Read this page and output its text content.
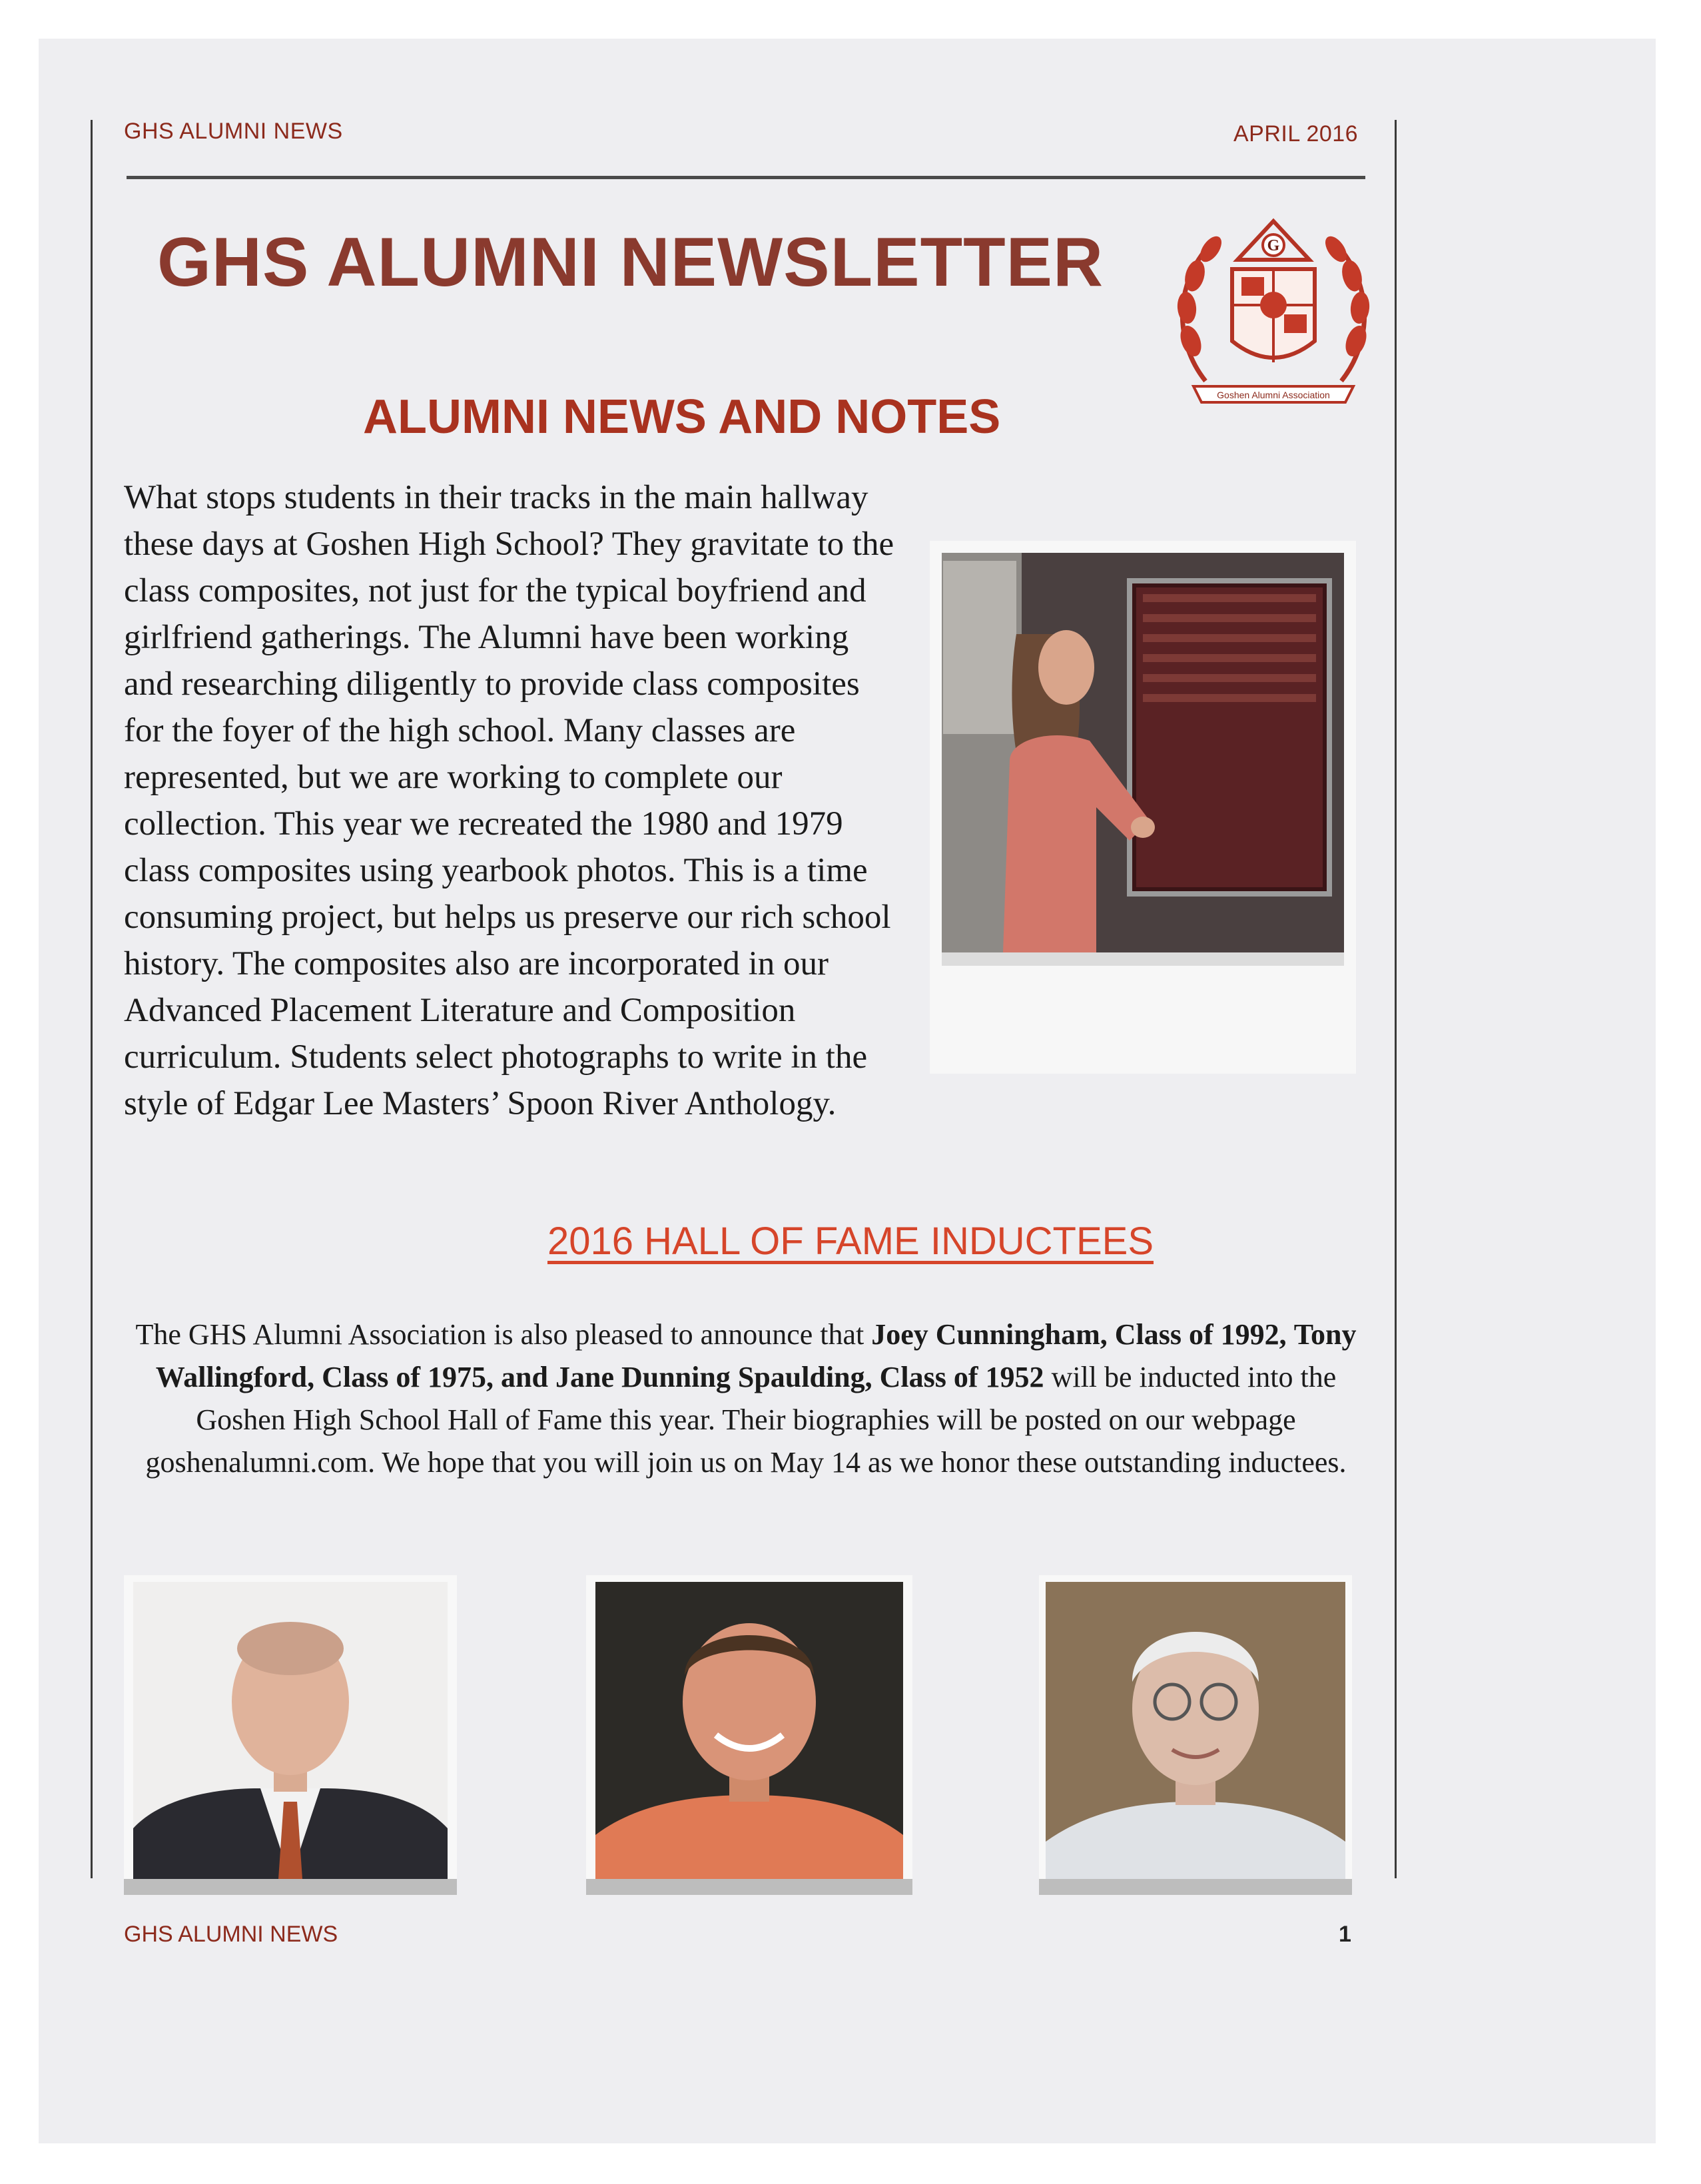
GHS ALUMNI NEWS	APRIL 2016
GHS ALUMNI NEWSLETTER	G
Goshen Alumni Association
ALUMNI NEWS AND NOTES
What stops students in their tracks in the main hallway these days at Goshen High School? They gravitate to the class composites, not just for the typical boyfriend and girlfriend gatherings. The Alumni have been working and researching diligently to provide class composites for the foyer of the high school. Many classes are represented, but we are working to complete our collection. This year we recreated the 1980 and 1979 class composites using yearbook photos. This is a time consuming project, but helps us preserve our rich school history. The composites also are incorporated in our Advanced Placement Literature and Composition curriculum. Students select photographs to write in the style of Edgar Lee Masters’ Spoon River Anthology.
2016 HALL OF FAME INDUCTEES

The GHS Alumni Association is also pleased to announce that Joey Cunningham, Class of 1992, Tony Wallingford, Class of 1975, and Jane Dunning Spaulding, Class of 1952 will be inducted into the Goshen High School Hall of Fame this year. Their biographies will be posted on our webpage goshenalumni.com. We hope that you will join us on May 14 as we honor these outstanding inductees.

GHS ALUMNI NEWS	1
